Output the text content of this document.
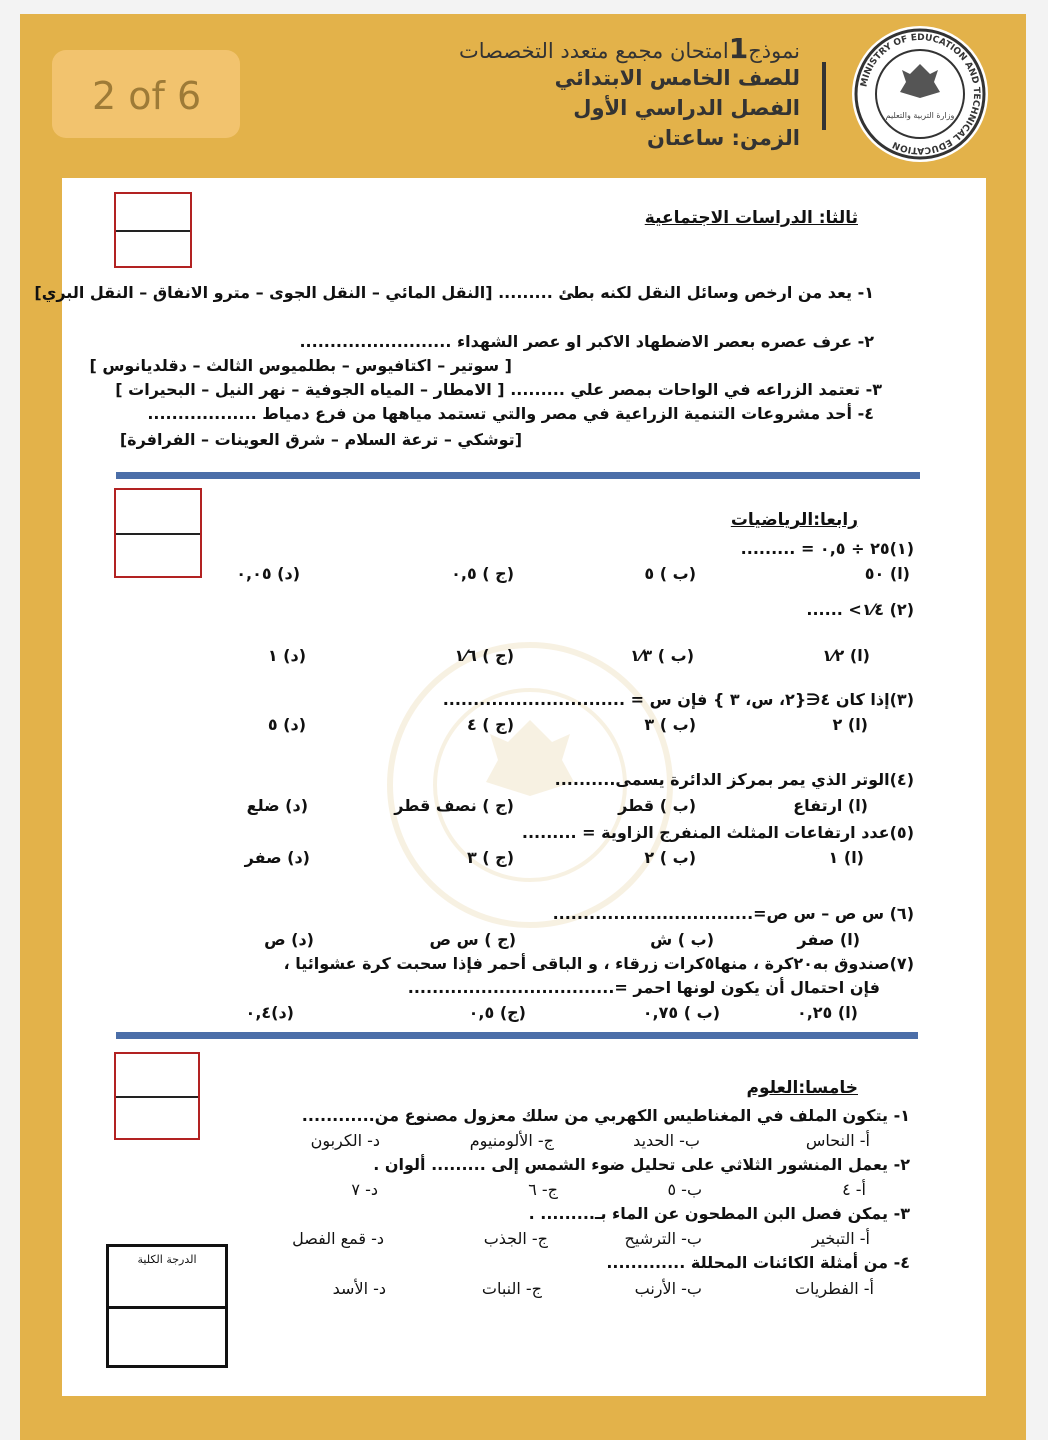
2 of 6
نموذج1امتحان مجمع متعدد التخصصات
للصف الخامس الابتدائي
الفصل الدراسي الأول
الزمن: ساعتان
MINISTRY OF EDUCATION AND TECHNICAL EDUCATION
وزارة التربية والتعليم
الدرجة الكلية
ثالثا: الدراسات الاجتماعية
١- يعد من ارخص وسائل النقل لكنه بطئ ......... [النقل المائي – النقل الجوى – مترو الانفاق – النقل البري]
٢- عرف عصره بعصر الاضطهاد الاكبر او عصر الشهداء .........................
[ سوتير – اكتافيوس – بطلميوس الثالث – دقلديانوس ]
٣- تعتمد الزراعه في الواحات بمصر علي ......... [ الامطار – المياه الجوفية – نهر النيل – البحيرات ]
٤- أحد مشروعات التنمية الزراعية في مصر والتي تستمد مياهها من فرع دمياط ..................
[توشكي – ترعة السلام – شرق العوينات – الفرافرة]
رابعا:الرياضيات
(١)٢٥ ÷ ٠,٥ = .........
(ا) ٥٠
(ب ) ٥
(ج ) ٠,٥
(د) ٠,٠٥
(٢) ١⁄٤> ......
(ا) ١⁄٢
(ب ) ١⁄٣
(ج ) ١⁄٦
(د) ١
(٣)إذا كان ٤∈{٢، س، ٣ } فإن س = ..............................
(ا) ٢
(ب ) ٣
(ج ) ٤
(د) ٥
(٤)الوتر الذي يمر بمركز الدائرة يسمى..........
(ا) ارتفاع
(ب ) قطر
(ج ) نصف قطر
(د) ضلع
(٥)عدد ارتفاعات المثلث المنفرج الزاوية = .........
(ا) ١
(ب ) ٢
(ج ) ٣
(د) صفر
(٦) س ص – س ص=.................................
(ا) صفر
(ب ) ش
(ج ) س ص
(د) ص
(٧)صندوق به٢٠كرة ، منها٥كرات زرقاء ، و الباقى أحمر فإذا سحبت كرة عشوائيا ،
فإن احتمال أن يكون لونها احمر =..................................
(ا) ٠,٢٥
(ب ) ٠,٧٥
(ج) ٠,٥
(د)٠,٤
خامسا:العلوم
١- يتكون الملف في المغناطيس الكهربي من سلك معزول مصنوع من............
أ- النحاس
ب- الحديد
ج- الألومنيوم
د- الكربون
٢- يعمل المنشور الثلاثي على تحليل ضوء الشمس إلى ......... ألوان .
أ- ٤
ب- ٥
ج- ٦
د- ٧
٣- يمكن فصل البن المطحون عن الماء بـ......... .
أ- التبخير
ب- الترشيح
ج- الجذب
د- قمع الفصل
٤- من أمثلة الكائنات المحللة .............
أ- الفطريات
ب- الأرنب
ج- النبات
د- الأسد
